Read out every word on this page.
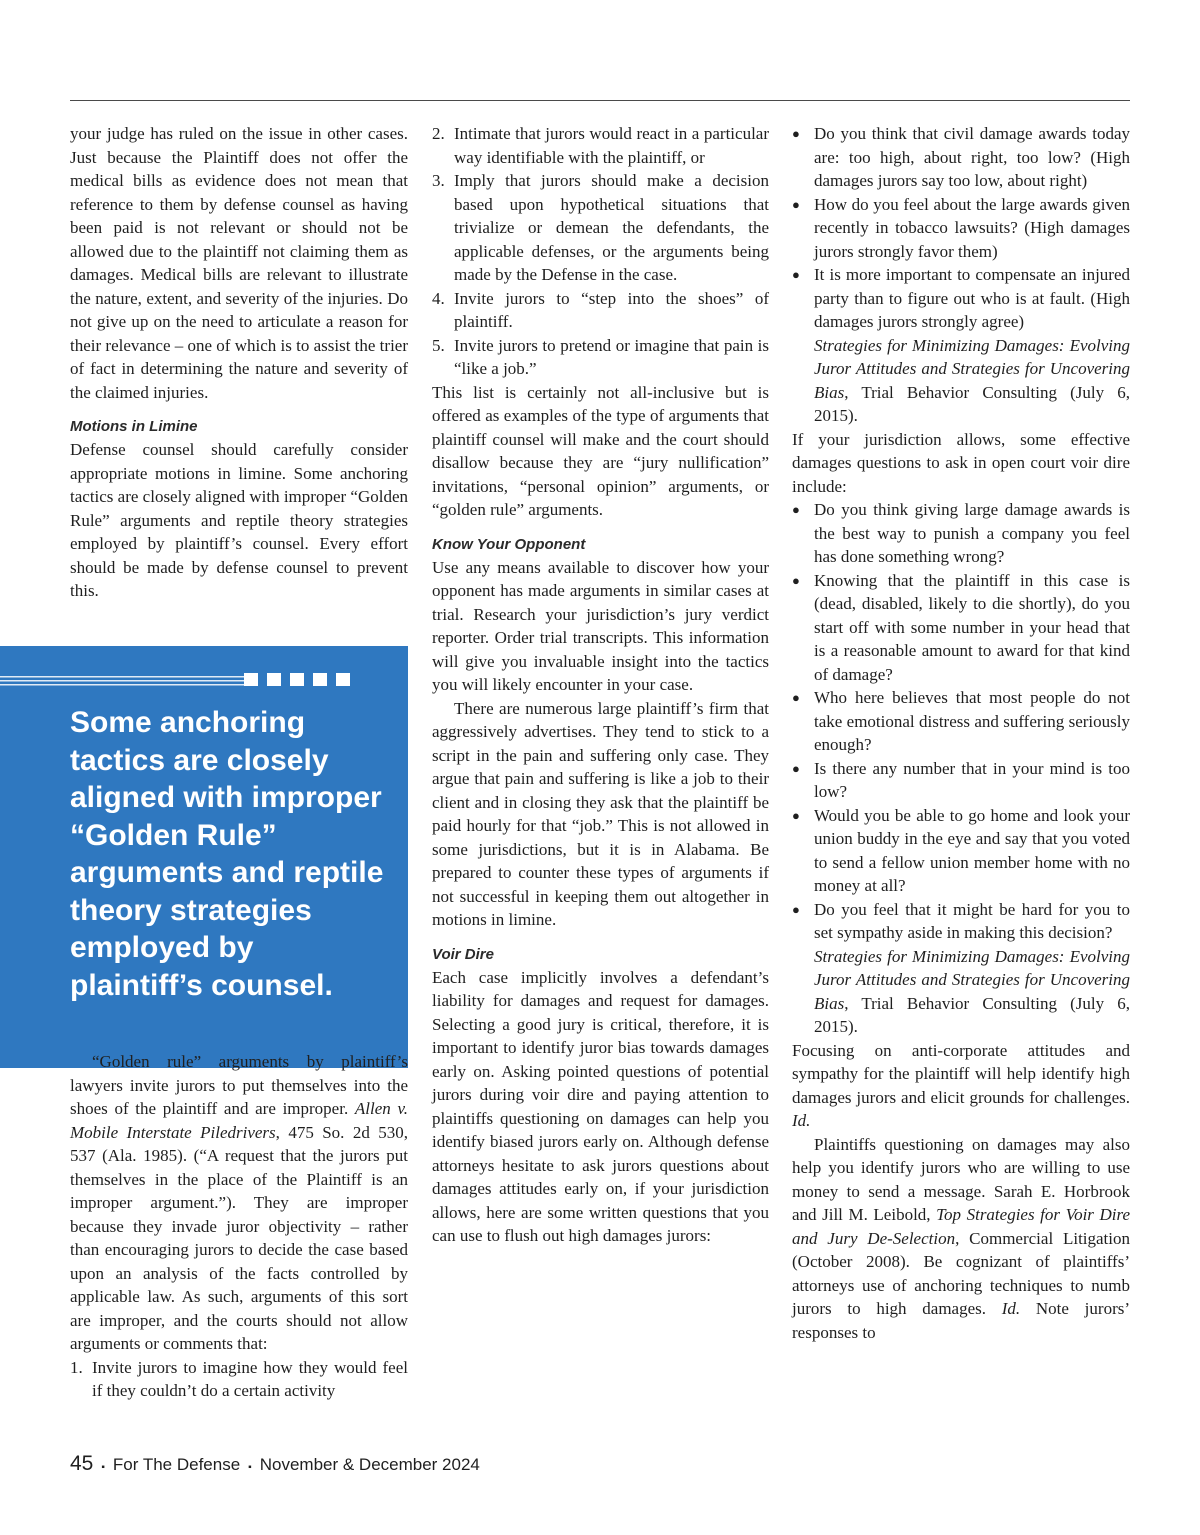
your judge has ruled on the issue in other cases. Just because the Plaintiff does not offer the medical bills as evidence does not mean that reference to them by defense counsel as having been paid is not relevant or should not be allowed due to the plaintiff not claiming them as damages. Medical bills are relevant to illustrate the nature, extent, and severity of the injuries. Do not give up on the need to articulate a reason for their relevance – one of which is to assist the trier of fact in determining the nature and severity of the claimed injuries.

Motions in Limine

Defense counsel should carefully consider appropriate motions in limine. Some anchoring tactics are closely aligned with improper “Golden Rule” arguments and reptile theory strategies employed by plaintiff’s counsel. Every effort should be made by defense counsel to prevent this.

Some anchoring tactics are closely aligned with improper “Golden Rule” arguments and reptile theory strategies employed by plaintiff’s counsel.

“Golden rule” arguments by plaintiff’s lawyers invite jurors to put themselves into the shoes of the plaintiff and are improper. Allen v. Mobile Interstate Piledrivers, 475 So. 2d 530, 537 (Ala. 1985). (“A request that the jurors put themselves in the place of the Plaintiff is an improper argument.”). They are improper because they invade juror objectivity – rather than encouraging jurors to decide the case based upon an analysis of the facts controlled by applicable law. As such, arguments of this sort are improper, and the courts should not allow arguments or comments that:

1. Invite jurors to imagine how they would feel if they couldn’t do a certain activity
2. Intimate that jurors would react in a particular way identifiable with the plaintiff, or
3. Imply that jurors should make a decision based upon hypothetical situations that trivialize or demean the defendants, the applicable defenses, or the arguments being made by the Defense in the case.
4. Invite jurors to “step into the shoes” of plaintiff.
5. Invite jurors to pretend or imagine that pain is “like a job.”

This list is certainly not all-inclusive but is offered as examples of the type of arguments that plaintiff counsel will make and the court should disallow because they are “jury nullification” invitations, “personal opinion” arguments, or “golden rule” arguments.

Know Your Opponent

Use any means available to discover how your opponent has made arguments in similar cases at trial. Research your jurisdiction’s jury verdict reporter. Order trial transcripts. This information will give you invaluable insight into the tactics you will likely encounter in your case.

There are numerous large plaintiff’s firm that aggressively advertises. They tend to stick to a script in the pain and suffering only case. They argue that pain and suffering is like a job to their client and in closing they ask that the plaintiff be paid hourly for that “job.” This is not allowed in some jurisdictions, but it is in Alabama. Be prepared to counter these types of arguments if not successful in keeping them out altogether in motions in limine.

Voir Dire

Each case implicitly involves a defendant’s liability for damages and request for damages. Selecting a good jury is critical, therefore, it is important to identify juror bias towards damages early on. Asking pointed questions of potential jurors during voir dire and paying attention to plaintiffs questioning on damages can help you identify biased jurors early on. Although defense attorneys hesitate to ask jurors questions about damages attitudes early on, if your jurisdiction allows, here are some written questions that you can use to flush out high damages jurors:

● Do you think that civil damage awards today are: too high, about right, too low? (High damages jurors say too low, about right)
● How do you feel about the large awards given recently in tobacco lawsuits? (High damages jurors strongly favor them)
● It is more important to compensate an injured party than to figure out who is at fault. (High damages jurors strongly agree)

Strategies for Minimizing Damages: Evolving Juror Attitudes and Strategies for Uncovering Bias, Trial Behavior Consulting (July 6, 2015).

If your jurisdiction allows, some effective damages questions to ask in open court voir dire include:

● Do you think giving large damage awards is the best way to punish a company you feel has done something wrong?
● Knowing that the plaintiff in this case is (dead, disabled, likely to die shortly), do you start off with some number in your head that is a reasonable amount to award for that kind of damage?
● Who here believes that most people do not take emotional distress and suffering seriously enough?
● Is there any number that in your mind is too low?
● Would you be able to go home and look your union buddy in the eye and say that you voted to send a fellow union member home with no money at all?
● Do you feel that it might be hard for you to set sympathy aside in making this decision?

Strategies for Minimizing Damages: Evolving Juror Attitudes and Strategies for Uncovering Bias, Trial Behavior Consulting (July 6, 2015).

Focusing on anti-corporate attitudes and sympathy for the plaintiff will help identify high damages jurors and elicit grounds for challenges. Id.

Plaintiffs questioning on damages may also help you identify jurors who are willing to use money to send a message. Sarah E. Horbrook and Jill M. Leibold, Top Strategies for Voir Dire and Jury De-Selection, Commercial Litigation (October 2008). Be cognizant of plaintiffs’ attorneys use of anchoring techniques to numb jurors to high damages. Id. Note jurors’ responses to

45 ▪ For The Defense ▪ November & December 2024
